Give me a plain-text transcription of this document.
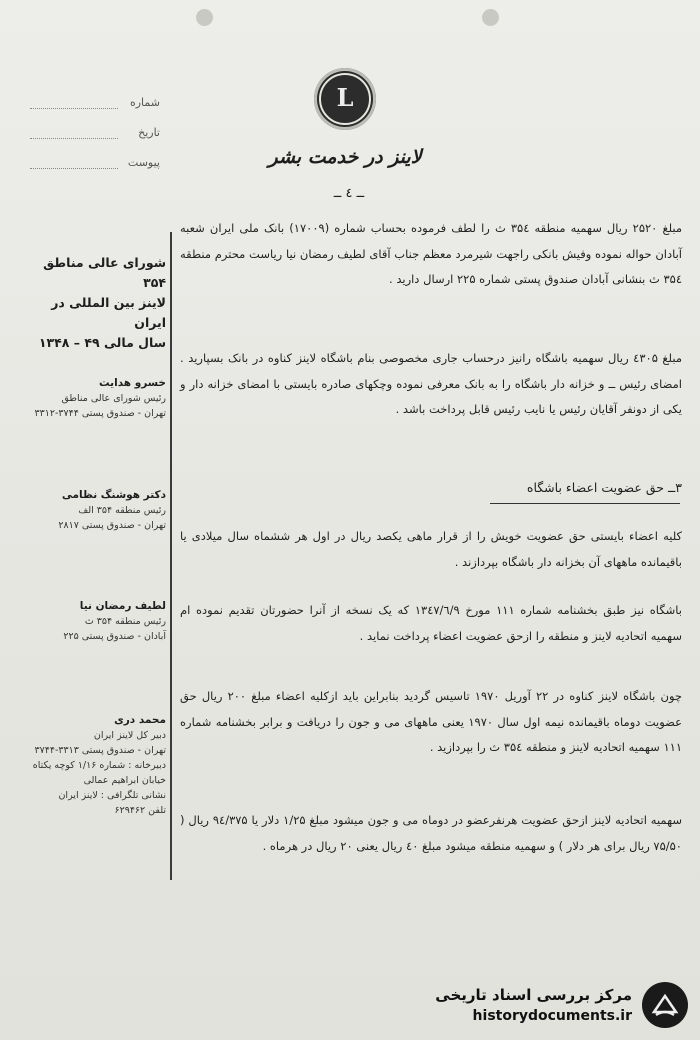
شماره
تاریخ
پیوست
L
لاینز در خدمت بشر
ــ ٤ ــ
شورای عالی مناطق ۳۵۴
لاینز بین المللی در ایران
سال مالی ۴۹ – ۱۳۴۸
خسرو هدایت
رئیس شورای عالی مناطق
تهران - صندوق پستی ۳۷۴۴-۳۳۱۲
دکتر هوشنگ نظامی
رئیس منطقه ۳۵۴ الف
تهران - صندوق پستی ۲۸۱۷
لطیف رمضان نیا
رئیس منطقه ۳۵۴ ث
آبادان - صندوق پستی ۲۲۵
محمد دری
دبیر کل لاینز ایران
تهران - صندوق پستی ۳۳۱۳-۳۷۴۴
دبیرخانه : شماره ۱/۱۶ کوچه یکتاه
خیابان ابراهیم عمالی
نشانی تلگرافی : لاینز ایران
تلفن ۶۲۹۴۶۲

مبلغ ۲۵۲۰ ریال سهمیه منطقه ۳۵٤ ث را لطف فرموده بحساب شماره (۱۷۰۰۹) بانک ملی ایران شعبه آبادان حواله نموده وفیش بانکی راجهت شیرمرد معظم جناب آقای لطیف رمضان نیا ریاست محترم منطقه ۳۵٤ ث بنشانی آبادان صندوق پستی شماره ۲۲۵ ارسال دارید .

مبلغ ٤۳۰۵ ریال سهمیه باشگاه رانیز درحساب جاری مخصوصی بنام باشگاه لاینز کناوه در بانک بسپارید . امضای رئیس ــ و خزانه دار باشگاه را به بانک معرفی نموده وچکهای صادره بایستی با امضای خزانه دار و یکی از دونفر آقایان رئیس یا نایب رئیس قابل پرداخت باشد .

۳ــ حق عضویت اعضاء باشگاه

کلیه اعضاء بایستی حق عضویت خویش را از قرار ماهی یکصد ریال در اول هر ششماه سال میلادی یا باقیمانده ماههای آن بخزانه دار باشگاه بپردازند .

باشگاه نیز طبق بخشنامه شماره ۱۱۱ مورخ ۱۳٤۷/٦/۹ که یک نسخه از آنرا حضورتان تقدیم نموده ام سهمیه اتحادیه لاینز و منطقه را ازحق عضویت اعضاء پرداخت نماید .

چون باشگاه لاینز کناوه در ۲۲ آوریل ۱۹۷۰ تاسیس گردید بنابراین باید ازکلیه اعضاء مبلغ ۲۰۰ ریال حق عضویت دوماه باقیمانده نیمه اول سال ۱۹۷۰ یعنی ماههای می و جون را دریافت و برابر بخشنامه شماره ۱۱۱ سهمیه اتحادیه لاینز و منطقه ۳۵٤ ث را بپردازید .

سهمیه اتحادیه لاینز ازحق عضویت هرنفرعضو در دوماه می و جون میشود مبلغ ۱/۲۵ دلار یا ۹٤/۳۷۵ ریال ( ۷۵/۵۰ ریال برای هر دلار ) و سهمیه منطقه میشود مبلغ ٤۰ ریال یعنی ۲۰ ریال در هرماه .

مرکز بررسی اسناد تاریخی
historydocuments.ir
